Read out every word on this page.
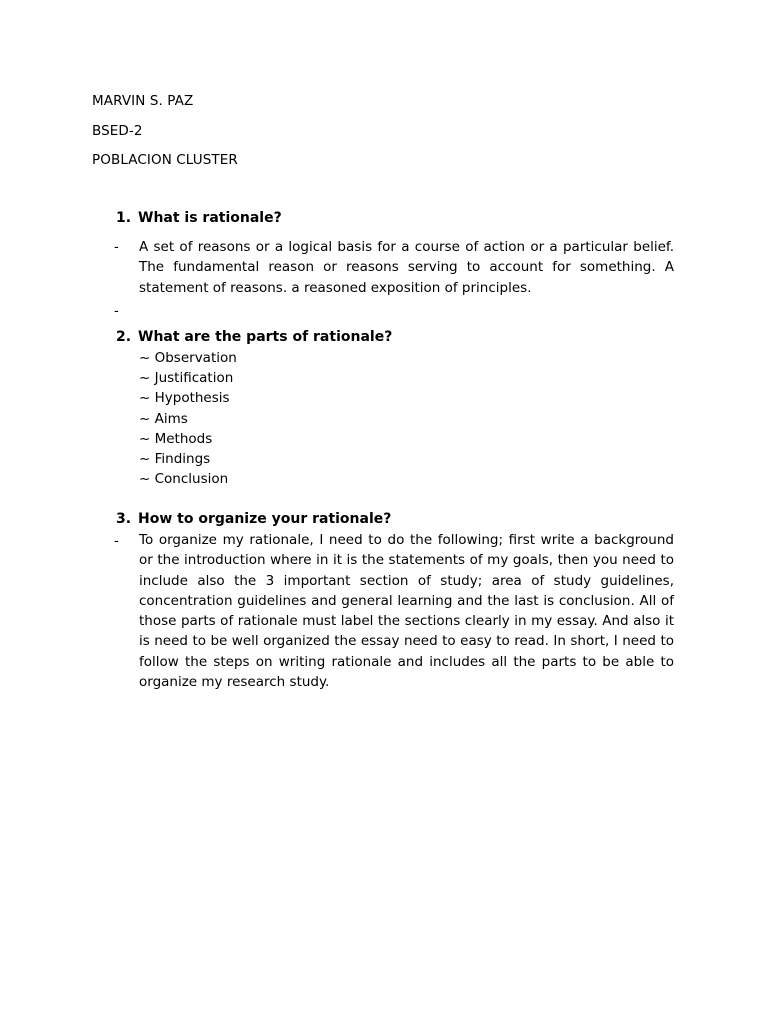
MARVIN S. PAZ
BSED-2
POBLACION CLUSTER
1. What is rationale?
- A set of reasons or a logical basis for a course of action or a particular belief. The fundamental reason or reasons serving to account for something. A statement of reasons. a reasoned exposition of principles.
-
2. What are the parts of rationale?
~ Observation
~ Justification
~ Hypothesis
~ Aims
~ Methods
~ Findings
~ Conclusion
3. How to organize your rationale?
- To organize my rationale, I need to do the following; first write a background or the introduction where in it is the statements of my goals, then you need to include also the 3 important section of study; area of study guidelines, concentration guidelines and general learning and the last is conclusion. All of those parts of rationale must label the sections clearly in my essay. And also it is need to be well organized the essay need to easy to read. In short, I need to follow the steps on writing rationale and includes all the parts to be able to organize my research study.
